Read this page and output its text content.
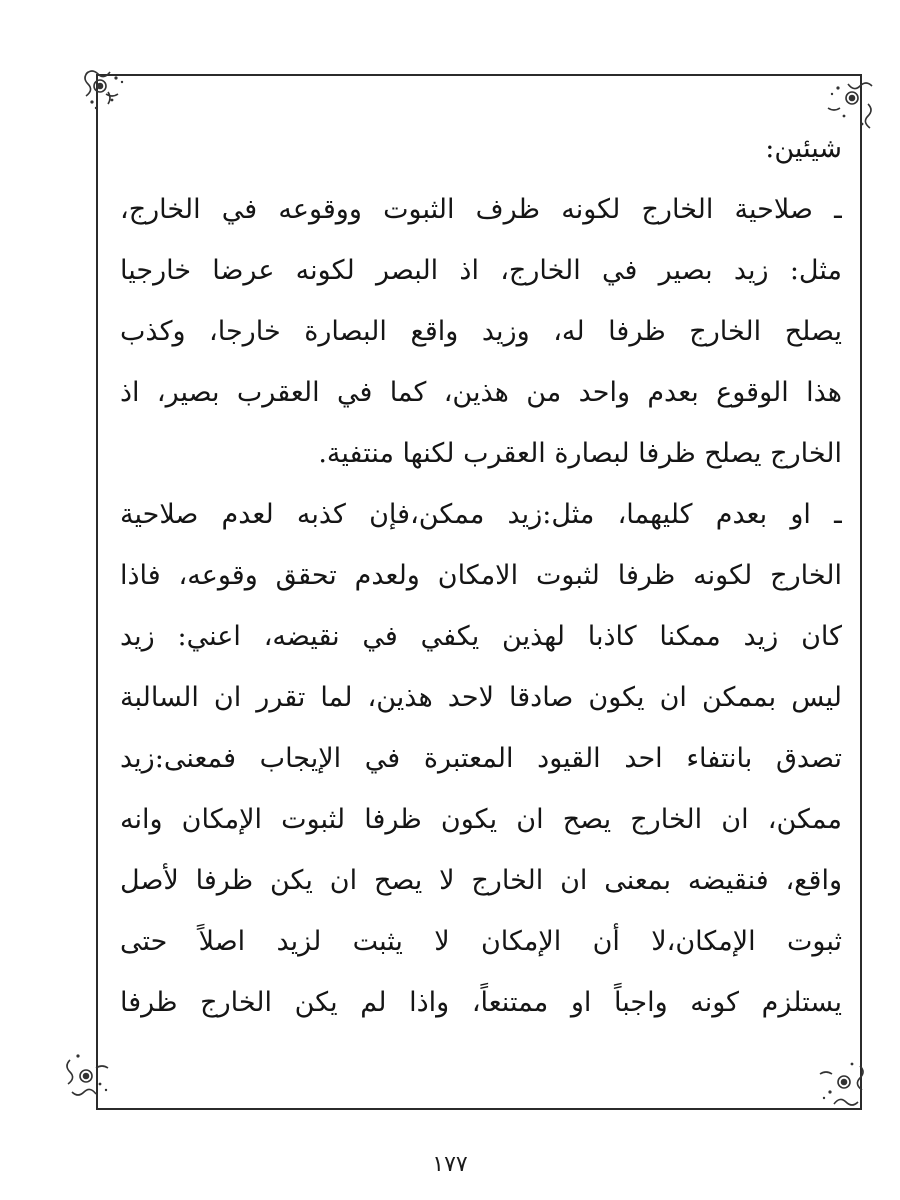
شيئين:
ـ صلاحية الخارج لكونه ظرف الثبوت ووقوعه في الخارج،
مثل: زيد بصير في الخارج، اذ البصر لكونه عرضا خارجيا
يصلح الخارج ظرفا له، وزيد واقع البصارة خارجا، وكذب
هذا الوقوع بعدم واحد من هذين، كما في العقرب بصير، اذ
الخارج يصلح ظرفا لبصارة العقرب لكنها منتفية.
ـ او بعدم كليهما، مثل:زيد ممكن،فإن كذبه لعدم صلاحية
الخارج لكونه ظرفا لثبوت الامكان ولعدم تحقق وقوعه، فاذا
كان زيد ممكنا كاذبا لهذين يكفي في نقيضه، اعني: زيد
ليس بممكن ان يكون صادقا لاحد هذين، لما تقرر ان السالبة
تصدق بانتفاء احد القيود المعتبرة في الإيجاب فمعنى:زيد
ممكن، ان الخارج يصح ان يكون ظرفا لثبوت الإمكان وانه
واقع، فنقيضه بمعنى ان الخارج لا يصح ان يكن ظرفا لأصل
ثبوت الإمكان،لا أن الإمكان لا يثبت لزيد اصلاً حتى
يستلزم كونه واجباً او ممتنعاً، واذا لم يكن الخارج ظرفا
١٧٧
